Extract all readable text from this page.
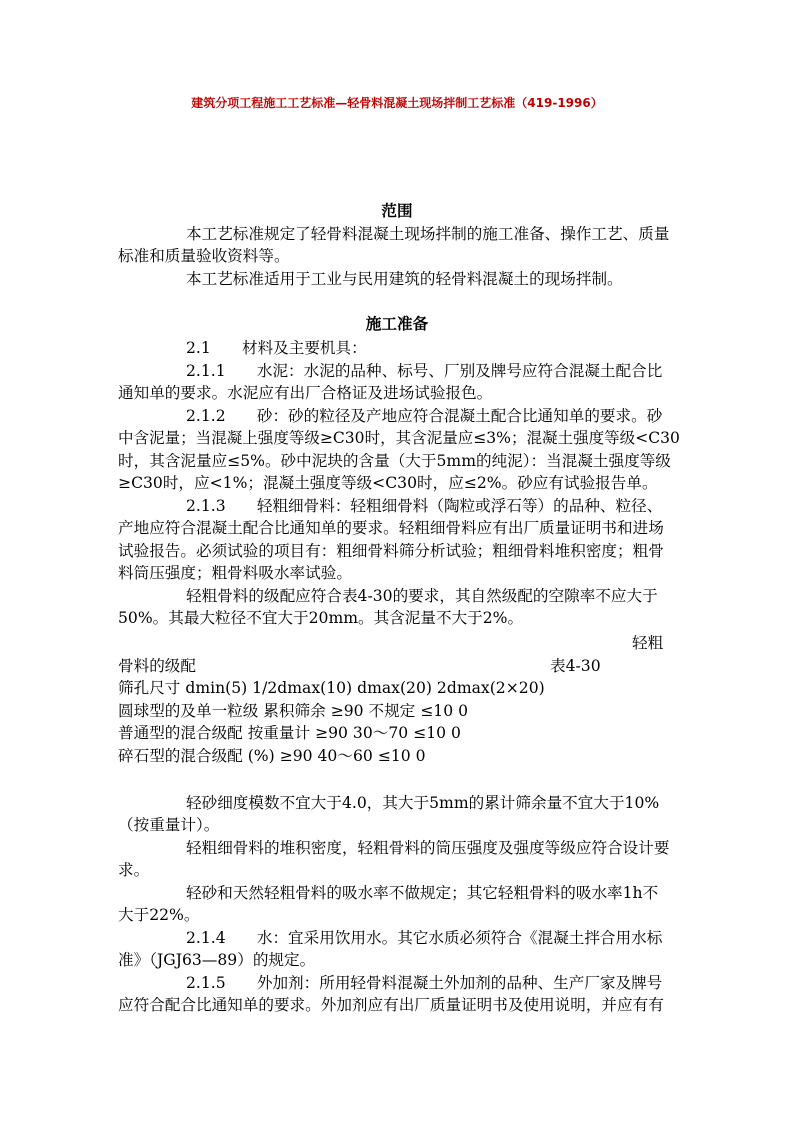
建筑分项工程施工工艺标准—轻骨料混凝土现场拌制工艺标准（419-1996）
范围
本工艺标准规定了轻骨料混凝土现场拌制的施工准备、操作工艺、质量
标准和质量验收资料等。
本工艺标准适用于工业与民用建筑的轻骨料混凝土的现场拌制。
施工准备
2.1　　材料及主要机具：
2.1.1　　水泥：水泥的品种、标号、厂别及牌号应符合混凝土配合比
通知单的要求。水泥应有出厂合格证及进场试验报色。
2.1.2　　砂：砂的粒径及产地应符合混凝土配合比通知单的要求。砂
中含泥量；当混凝上强度等级≥C30时，其含泥量应≤3%；混凝土强度等级<C30
时，其含泥量应≤5%。砂中泥块的含量（大于5mm的纯泥）：当混凝土强度等级
≥C30时，应<1%；混凝土强度等级<C30时，应≤2%。砂应有试验报告单。
2.1.3　　轻粗细骨料：轻粗细骨料（陶粒或浮石等）的品种、粒径、
产地应符合混凝土配合比通知单的要求。轻粗细骨料应有出厂质量证明书和进场
试验报告。必须试验的项目有：粗细骨料筛分析试验；粗细骨料堆积密度；粗骨
料筒压强度；粗骨料吸水率试验。
轻粗骨料的级配应符合表4-30的要求，其自然级配的空隙率不应大于
50%。其最大粒径不宜大于20mm。其含泥量不大于2%。
轻粗
骨料的级配	表4-30
筛孔尺寸 dmin(5) 1/2dmax(10) dmax(20) 2dmax(2×20)
圆球型的及单一粒级 累积筛余 ≥90 不规定 ≤10 0
普通型的混合级配 按重量计 ≥90 30～70 ≤10 0
碎石型的混合级配 (%) ≥90 40～60 ≤10 0
轻砂细度模数不宜大于4.0，其大于5mm的累计筛余量不宜大于10%
（按重量计）。
轻粗细骨料的堆积密度，轻粗骨料的筒压强度及强度等级应符合设计要
求。
轻砂和天然轻粗骨料的吸水率不做规定；其它轻粗骨料的吸水率1h不
大于22%。
2.1.4　　水：宜采用饮用水。其它水质必须符合《混凝土拌合用水标
准》（JGJ63—89）的规定。
2.1.5　　外加剂：所用轻骨料混凝土外加剂的品种、生产厂家及牌号
应符合配合比通知单的要求。外加剂应有出厂质量证明书及使用说明，并应有有
